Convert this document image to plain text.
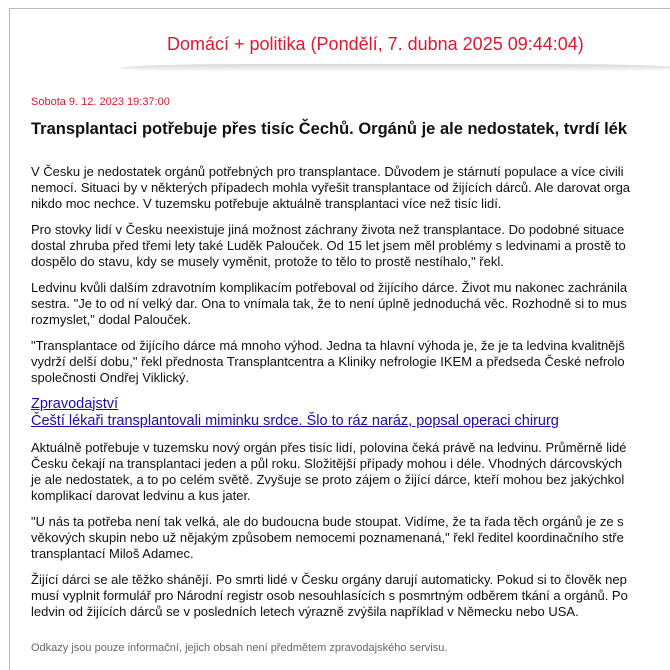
Domácí + politika (Pondělí, 7. dubna 2025 09:44:04)

Sobota 9. 12. 2023 19:37:00

Transplantaci potřebuje přes tisíc Čechů. Orgánů je ale nedostatek, tvrdí lék

V Česku je nedostatek orgánů potřebných pro transplantace. Důvodem je stárnutí populace a více civili
nemocí. Situaci by v některých případech mohla vyřešit transplantace od žijících dárců. Ale darovat orga
nikdo moc nechce. V tuzemsku potřebuje aktuálně transplantaci více než tisíc lidí.

Pro stovky lidí v Česku neexistuje jiná možnost záchrany života než transplantace. Do podobné situace
dostal zhruba před třemi lety také Luděk Palouček. Od 15 let jsem měl problémy s ledvinami a prostě to
dospělo do stavu, kdy se musely vyměnit, protože to tělo to prostě nestíhalo," řekl.

Ledvinu kvůli dalším zdravotním komplikacím potřeboval od žijícího dárce. Život mu nakonec zachránila
sestra. "Je to od ní velký dar. Ona to vnímala tak, že to není úplně jednoduchá věc. Rozhodně si to mus
rozmyslet," dodal Palouček.

"Transplantace od žijícího dárce má mnoho výhod. Jedna ta hlavní výhoda je, že je ta ledvina kvalitnějš
vydrží delší dobu," řekl přednosta Transplantcentra a Kliniky nefrologie IKEM a předseda České nefrolo
společnosti Ondřej Viklický.

Zpravodajství
Čeští lékaři transplantovali miminku srdce. Šlo to ráz naráz, popsal operaci chirurg

Aktuálně potřebuje v tuzemsku nový orgán přes tisíc lidí, polovina čeká právě na ledvinu. Průměrně lidé
Česku čekají na transplantaci jeden a půl roku. Složitější případy mohou i déle. Vhodných dárcovských
je ale nedostatek, a to po celém světě. Zvyšuje se proto zájem o žijící dárce, kteří mohou bez jakýchkol
komplikací darovat ledvinu a kus jater.

"U nás ta potřeba není tak velká, ale do budoucna bude stoupat. Vidíme, že ta řada těch orgánů je ze s
věkových skupin nebo už nějakým způsobem nemocemi poznamenaná," řekl ředitel koordinačního stře
transplantací Miloš Adamec.

Žijící dárci se ale těžko shánějí. Po smrti lidé v Česku orgány darují automaticky. Pokud si to člověk nep
musí vyplnit formulář pro Národní registr osob nesouhlasících s posmrtným odběrem tkání a orgánů. Po
ledvin od žijících dárců se v posledních letech výrazně zvýšila například v Německu nebo USA.

Odkazy jsou pouze informační, jejich obsah není předmětem zpravodajského servisu.
